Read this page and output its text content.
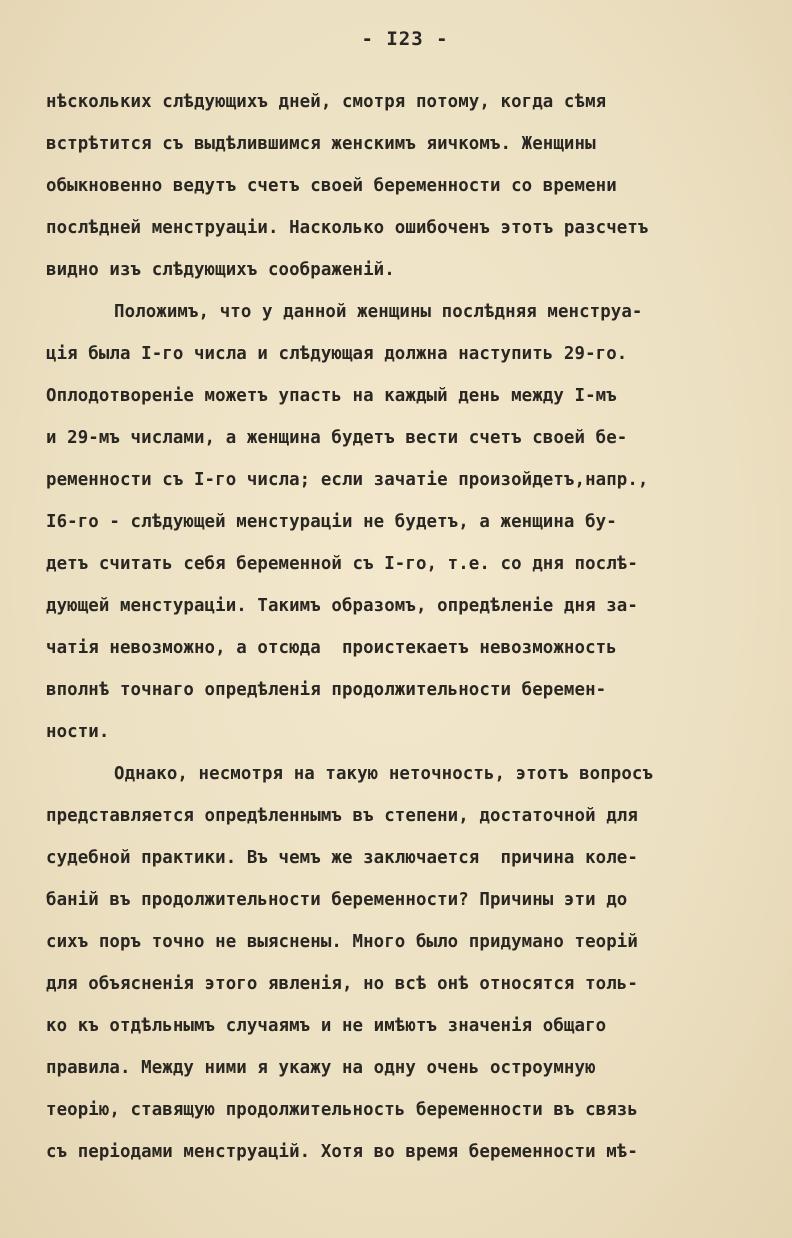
- I23 -
нѣскольких слѣдующихъ дней, смотря потому, когда сѣмя
встрѣтится съ выдѣлившимся женскимъ яичкомъ. Женщины
обыкновенно ведутъ счетъ своей беременности со времени
послѣдней менструацiи. Насколько ошибоченъ этотъ разсчетъ
видно изъ слѣдующихъ соображенiй.
Положимъ, что у данной женщины послѣдняя менструа-
цiя была I-го числа и слѣдующая должна наступить 29-го.
Оплодотворенiе можетъ упасть на каждый день между I-мъ
и 29-мъ числами, а женщина будетъ вести счетъ своей бе-
ременности съ I-го числа; если зачатiе произойдетъ,напр.,
I6-го - слѣдующей менстурацiи не будетъ, а женщина бу-
детъ считать себя беременной съ I-го, т.е. со дня послѣ-
дующей менстурацiи. Такимъ образомъ, опредѣленiе дня за-
чатiя невозможно, а отсюда  проистекаетъ невозможность
вполнѣ точнаго опредѣленiя продолжительности беремен-
ности.
Однако, несмотря на такую неточность, этотъ вопросъ
представляется опредѣленнымъ въ степени, достаточной для
судебной практики. Въ чемъ же заключается  причина коле-
банiй въ продолжительности беременности? Причины эти до
сихъ поръ точно не выяснены. Много было придумано теорiй
для объясненiя этого явленiя, но всѣ онѣ относятся толь-
ко къ отдѣльнымъ случаямъ и не имѣютъ значенiя общаго
правила. Между ними я укажу на одну очень остроумную
теорiю, ставящую продолжительность беременности въ связь
съ перiодами менструацiй. Хотя во время беременности мѣ-
